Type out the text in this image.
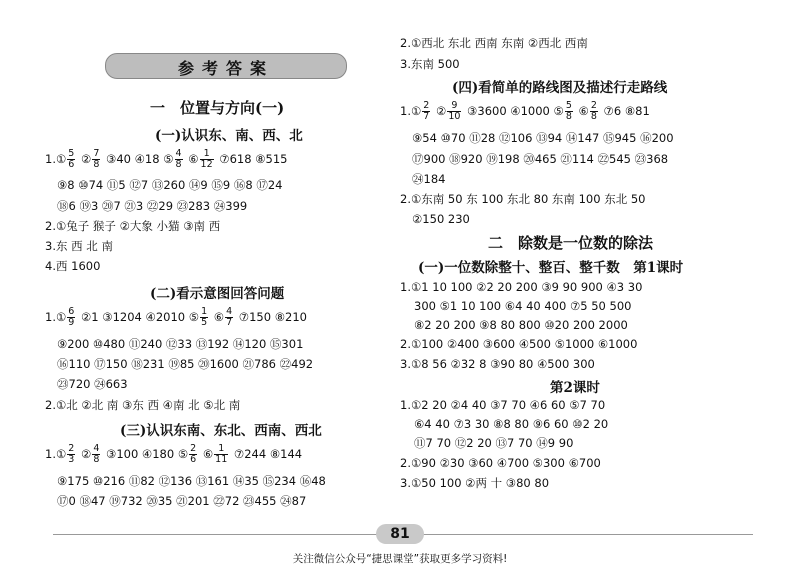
参考答案
一　位置与方向(一)
(一)认识东、南、西、北
1.① $\frac{5}{6}$ ② $\frac{7}{8}$ ③40 ④18 ⑤ $\frac{4}{8}$ ⑥ $\frac{1}{12}$ ⑦618 ⑧515
⑨8 ⑩74 ⑪5 ⑫7 ⑬260 ⑭9 ⑮9 ⑯8 ⑰24
⑱6 ⑲3 ⑳7 ㉑3 ㉒29 ㉓283 ㉔399
2.①兔子 猴子 ②大象 小猫 ③南 西
3.东 西 北 南
4.西 1600
(二)看示意图回答问题
1.① $\frac{6}{9}$ ②1 ③1204 ④2010 ⑤ $\frac{1}{5}$ ⑥ $\frac{4}{7}$ ⑦150 ⑧210
⑨200 ⑩480 ⑪240 ⑫33 ⑬192 ⑭120 ⑮301
⑯110 ⑰150 ⑱231 ⑲85 ⑳1600 ㉑786 ㉒492
㉓720 ㉔663
2.①北 ②北 南 ③东 西 ④南 北 ⑤北 南
(三)认识东南、东北、西南、西北
1.① $\frac{2}{3}$ ② $\frac{4}{8}$ ③100 ④180 ⑤ $\frac{2}{6}$ ⑥ $\frac{1}{11}$ ⑦244 ⑧144
⑨175 ⑩216 ⑪82 ⑫136 ⑬161 ⑭35 ⑮234 ⑯48
⑰0 ⑱47 ⑲732 ⑳35 ㉑201 ㉒72 ㉓455 ㉔87
2.①西北 东北 西南 东南 ②西北 西南
3.东南 500
(四)看简单的路线图及描述行走路线
1.① $\frac{2}{7}$ ② $\frac{9}{10}$ ③3600 ④1000 ⑤ $\frac{5}{8}$ ⑥ $\frac{2}{8}$ ⑦6 ⑧81
⑨54 ⑩70 ⑪28 ⑫106 ⑬94 ⑭147 ⑮945 ⑯200
⑰900 ⑱920 ⑲198 ⑳465 ㉑114 ㉒545 ㉓368
㉔184
2.①东南 50 东 100 东北 80 东南 100 东北 50
②150 230
二　除数是一位数的除法
(一)一位数除整十、整百、整千数　第1课时
1.①1 10 100 ②2 20 200 ③9 90 900 ④3 30
300 ⑤1 10 100 ⑥4 40 400 ⑦5 50 500
⑧2 20 200 ⑨8 80 800 ⑩20 200 2000
2.①100 ②400 ③600 ④500 ⑤1000 ⑥1000
3.①8 56 ②32 8 ③90 80 ④500 300
第2课时
1.①2 20 ②4 40 ③7 70 ④6 60 ⑤7 70
⑥4 40 ⑦3 30 ⑧8 80 ⑨6 60 ⑩2 20
⑪7 70 ⑫2 20 ⑬7 70 ⑭9 90
2.①90 ②30 ③60 ④700 ⑤300 ⑥700
3.①50 100 ②两 十 ③80 80
81
关注微信公众号“捷思课堂”获取更多学习资料!
